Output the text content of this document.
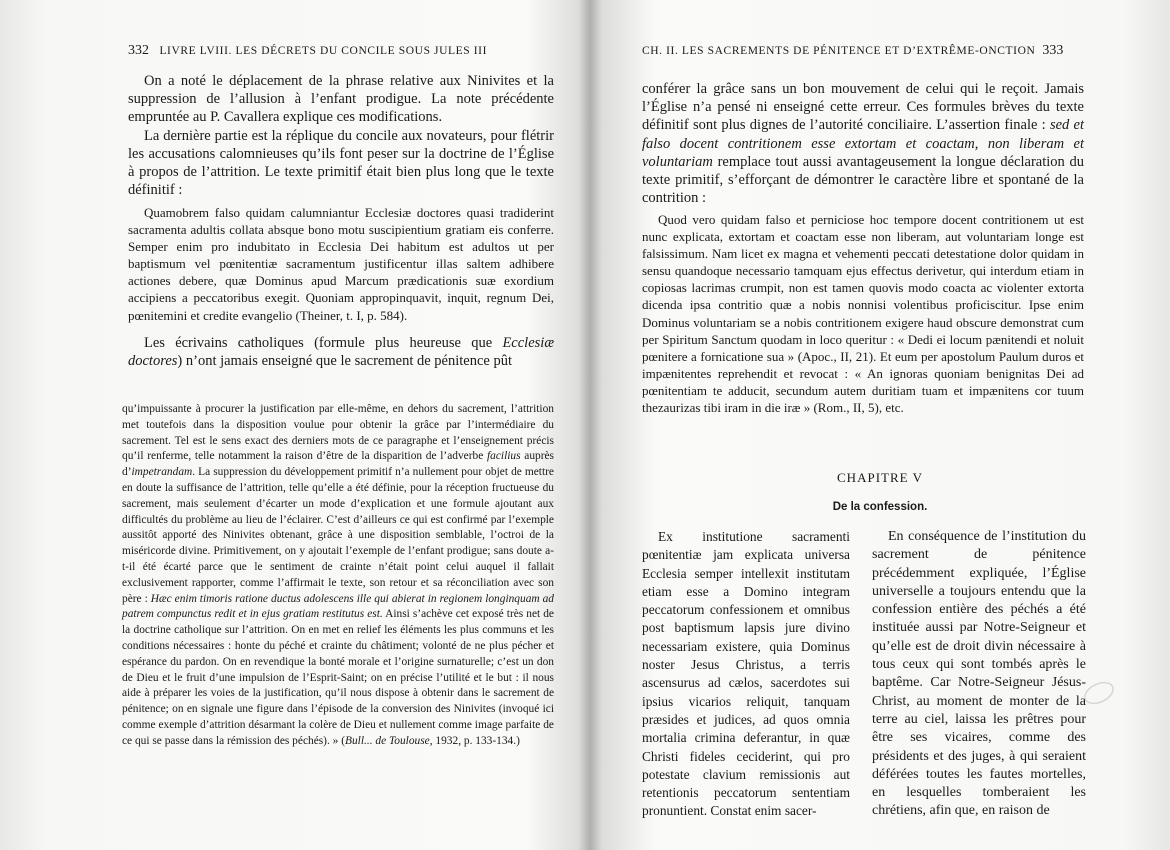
332 LIVRE LVIII. LES DÉCRETS DU CONCILE SOUS JULES III

On a noté le déplacement de la phrase relative aux Ninivites et la suppression de l’allusion à l’enfant prodigue. La note précédente empruntée au P. Cavallera explique ces modifications.

La dernière partie est la réplique du concile aux novateurs, pour flétrir les accusations calomnieuses qu’ils font peser sur la doctrine de l’Église à propos de l’attrition. Le texte primitif était bien plus long que le texte définitif :

Quamobrem falso quidam calumniantur Ecclesiæ doctores quasi tradiderint sacramenta adultis collata absque bono motu suscipientium gratiam eis conferre. Semper enim pro indubitato in Ecclesia Dei habitum est adultos ut per baptismum vel pœnitentiæ sacramentum justificentur illas saltem adhibere actiones debere, quæ Dominus apud Marcum prædicationis suæ exordium accipiens a peccatoribus exegit. Quoniam appropinquavit, inquit, regnum Dei, pœnitemini et credite evangelio (Theiner, t. I, p. 584).

Les écrivains catholiques (formule plus heureuse que Ecclesiæ doctores) n’ont jamais enseigné que le sacrement de pénitence pût

qu’impuissante à procurer la justification par elle-même, en dehors du sacrement, l’attrition met toutefois dans la disposition voulue pour obtenir la grâce par l’intermédiaire du sacrement. Tel est le sens exact des derniers mots de ce paragraphe et l’enseignement précis qu’il renferme, telle notamment la raison d’être de la disparition de l’adverbe facilius auprès d’impetrandam. La suppression du développement primitif n’a nullement pour objet de mettre en doute la suffisance de l’attrition, telle qu’elle a été définie, pour la réception fructueuse du sacrement, mais seulement d’écarter un mode d’explication et une formule ajoutant aux difficultés du problème au lieu de l’éclairer. C’est d’ailleurs ce qui est confirmé par l’exemple aussitôt apporté des Ninivites obtenant, grâce à une disposition semblable, l’octroi de la miséricorde divine. Primitivement, on y ajoutait l’exemple de l’enfant prodigue; sans doute a-t-il été écarté parce que le sentiment de crainte n’était point celui auquel il fallait exclusivement rapporter, comme l’affirmait le texte, son retour et sa réconciliation avec son père : Hæc enim timoris ratione ductus adolescens ille qui abierat in regionem longinquam ad patrem compunctus redit et in ejus gratiam restitutus est. Ainsi s’achève cet exposé très net de la doctrine catholique sur l’attrition. On en met en relief les éléments les plus communs et les conditions nécessaires : honte du péché et crainte du châtiment; volonté de ne plus pécher et espérance du pardon. On en revendique la bonté morale et l’origine surnaturelle; c’est un don de Dieu et le fruit d’une impulsion de l’Esprit-Saint; on en précise l’utilité et le but : il nous aide à préparer les voies de la justification, qu’il nous dispose à obtenir dans le sacrement de pénitence; on en signale une figure dans l’épisode de la conversion des Ninivites (invoqué ici comme exemple d’attrition désarmant la colère de Dieu et nullement comme image parfaite de ce qui se passe dans la rémission des péchés). » (Bull... de Toulouse, 1932, p. 133-134.)

CH. II. LES SACREMENTS DE PÉNITENCE ET D’EXTRÊME-ONCTION 333

conférer la grâce sans un bon mouvement de celui qui le reçoit. Jamais l’Église n’a pensé ni enseigné cette erreur. Ces formules brèves du texte définitif sont plus dignes de l’autorité conciliaire. L’assertion finale : sed et falso docent contritionem esse extortam et coactam, non liberam et voluntariam remplace tout aussi avantageusement la longue déclaration du texte primitif, s’efforçant de démontrer le caractère libre et spontané de la contrition :

Quod vero quidam falso et perniciose hoc tempore docent contritionem ut est nunc explicata, extortam et coactam esse non liberam, aut voluntariam longe est falsissimum. Nam licet ex magna et vehementi peccati detestatione dolor quidam in sensu quandoque necessario tamquam ejus effectus derivetur, qui interdum etiam in copiosas lacrimas crumpit, non est tamen quovis modo coacta ac violenter extorta dicenda ipsa contritio quæ a nobis nonnisi volentibus proficiscitur. Ipse enim Dominus voluntariam se a nobis contritionem exigere haud obscure demonstrat cum per Spiritum Sanctum quodam in loco queritur : « Dedi ei locum pænitendi et noluit pœnitere a fornicatione sua » (Apoc., II, 21). Et eum per apostolum Paulum duros et impænitentes reprehendit et revocat : « An ignoras quoniam benignitas Dei ad pœnitentiam te adducit, secundum autem duritiam tuam et impænitens cor tuum thezaurizas tibi iram in die iræ » (Rom., II, 5), etc.

CHAPITRE V
De la confession.

Ex institutione sacramenti pœnitentiæ jam explicata universa Ecclesia semper intellexit institutam etiam esse a Domino integram peccatorum confessionem et omnibus post baptismum lapsis jure divino necessariam existere, quia Dominus noster Jesus Christus, a terris ascensurus ad cælos, sacerdotes sui ipsius vicarios reliquit, tanquam præsides et judices, ad quos omnia mortalia crimina deferantur, in quæ Christi fideles ceciderint, qui pro potestate clavium remissionis aut retentionis peccatorum sententiam pronuntient. Constat enim sacer-

En conséquence de l’institution du sacrement de pénitence précédemment expliquée, l’Église universelle a toujours entendu que la confession entière des péchés a été instituée aussi par Notre-Seigneur et qu’elle est de droit divin nécessaire à tous ceux qui sont tombés après le baptême. Car Notre-Seigneur Jésus-Christ, au moment de monter de la terre au ciel, laissa les prêtres pour être ses vicaires, comme des présidents et des juges, à qui seraient déférées toutes les fautes mortelles, en lesquelles tomberaient les chrétiens, afin que, en raison de
